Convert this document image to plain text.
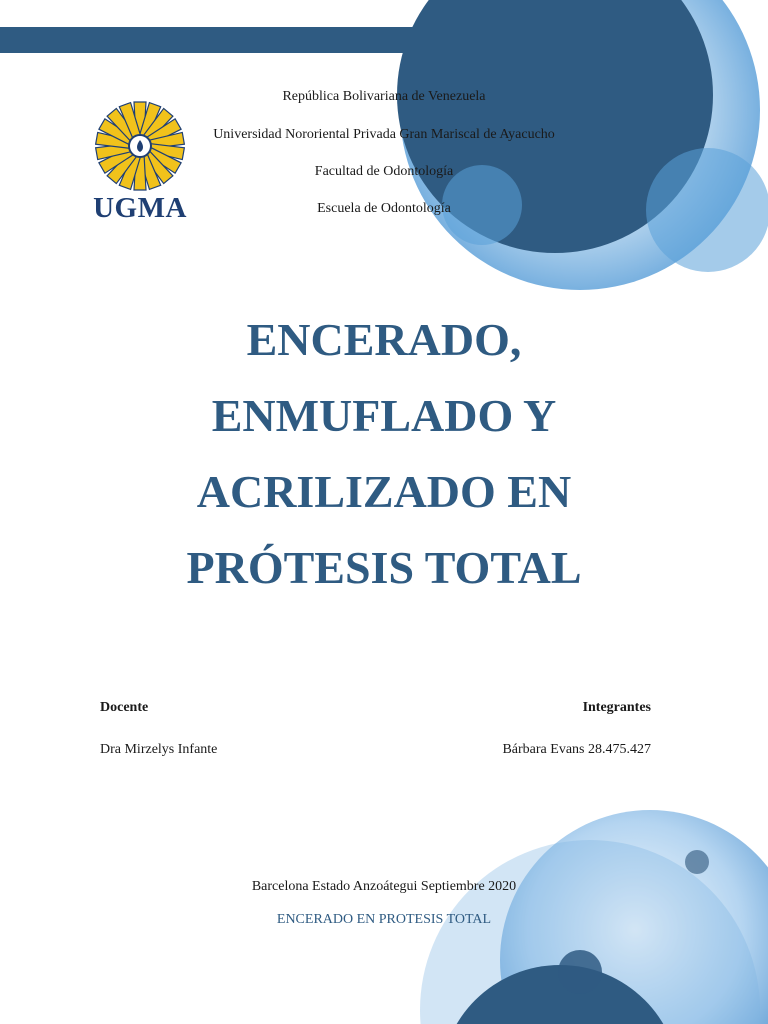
UGMA
República Bolivariana de Venezuela
Universidad Nororiental Privada Gran Mariscal de Ayacucho
Facultad de Odontología
Escuela de Odontología
ENCERADO,
ENMUFLADO Y
ACRILIZADO EN
PRÓTESIS TOTAL
Docente
Dra Mirzelys Infante
Integrantes
Bárbara Evans 28.475.427
Barcelona Estado Anzoátegui Septiembre 2020
ENCERADO EN PROTESIS TOTAL
